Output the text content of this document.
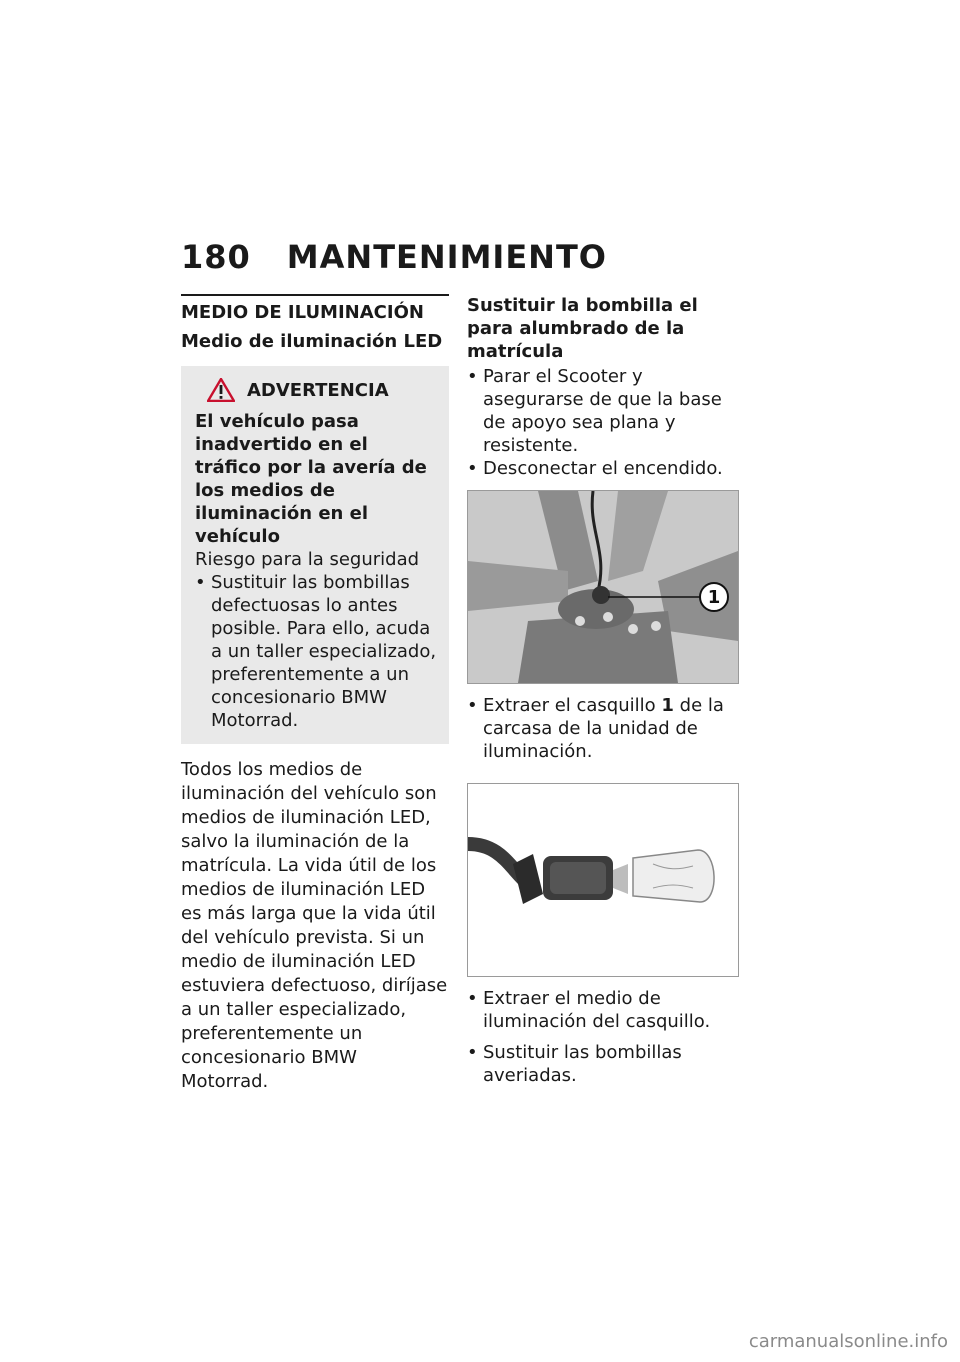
180 MANTENIMIENTO
MEDIO DE ILUMINACIÓN
Medio de iluminación LED
ADVERTENCIA
El vehículo pasa inadvertido en el tráfico por la avería de los medios de iluminación en el vehículo
Riesgo para la seguridad
• Sustituir las bombillas defectuosas lo antes posible. Para ello, acuda a un taller especializado, preferentemente a un concesionario BMW Motorrad.

Todos los medios de iluminación del vehículo son medios de iluminación LED, salvo la iluminación de la matrícula. La vida útil de los medios de iluminación LED es más larga que la vida útil del vehículo prevista. Si un medio de iluminación LED estuviera defectuoso, diríjase a un taller especializado, preferentemente un concesionario BMW Motorrad.

Sustituir la bombilla el para alumbrado de la matrícula
• Parar el Scooter y asegurarse de que la base de apoyo sea plana y resistente.
• Desconectar el encendido.
1
• Extraer el casquillo 1 de la carcasa de la unidad de iluminación.
• Extraer el medio de iluminación del casquillo.
• Sustituir las bombillas averiadas.
carmanualsonline.info
